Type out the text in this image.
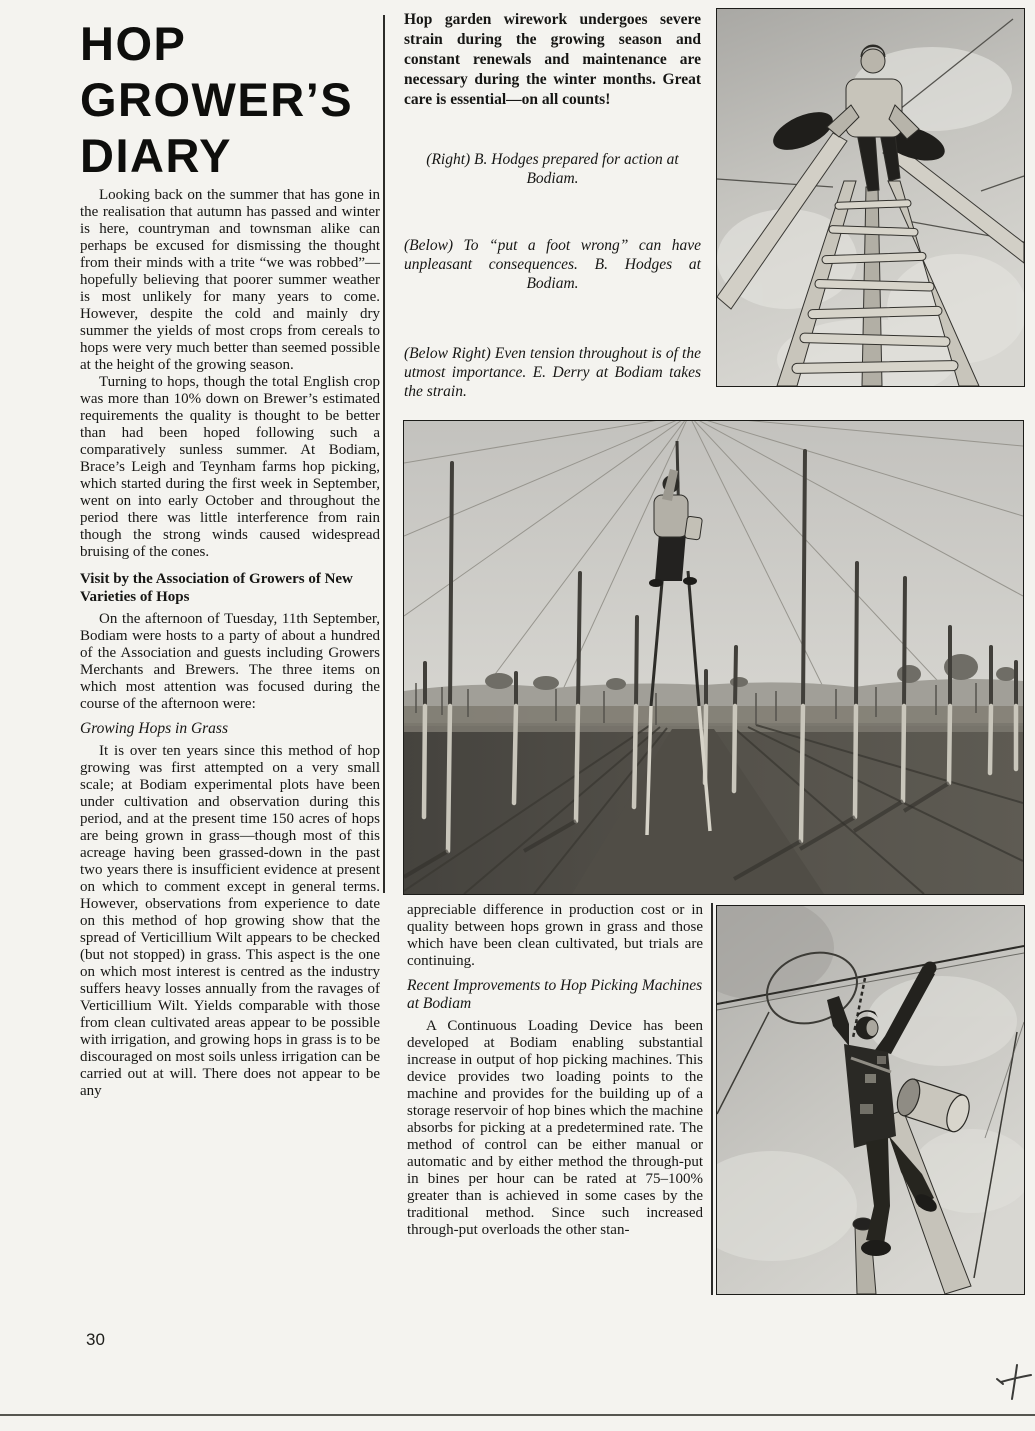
HOP
GROWER’S
DIARY

Looking back on the summer that has gone in the realisation that autumn has passed and winter is here, countryman and townsman alike can perhaps be excused for dismissing the thought from their minds with a trite “we was robbed”— hopefully believing that poorer summer weather is most unlikely for many years to come. However, despite the cold and mainly dry summer the yields of most crops from cereals to hops were very much better than seemed possible at the height of the growing season.

Turning to hops, though the total English crop was more than 10% down on Brewer’s estimated requirements the quality is thought to be better than had been hoped following such a comparatively sunless summer. At Bodiam, Brace’s Leigh and Teynham farms hop picking, which started during the first week in September, went on into early October and throughout the period there was little interference from rain though the strong winds caused widespread bruising of the cones.

Visit by the Association of Growers of New Varieties of Hops

On the afternoon of Tuesday, 11th September, Bodiam were hosts to a party of about a hundred of the Association and guests including Growers Merchants and Brewers. The three items on which most attention was focused during the course of the afternoon were:

Growing Hops in Grass

It is over ten years since this method of hop growing was first attempted on a very small scale; at Bodiam experimental plots have been under cultivation and observation during this period, and at the present time 150 acres of hops are being grown in grass—though most of this acreage having been grassed-down in the past two years there is insufficient evidence at present on which to comment except in general terms. However, observations from experience to date on this method of hop growing show that the spread of Verticillium Wilt appears to be checked (but not stopped) in grass. This aspect is the one on which most interest is centred as the industry suffers heavy losses annually from the ravages of Verticillium Wilt. Yields comparable with those from clean cultivated areas appear to be possible with irrigation, and growing hops in grass is to be discouraged on most soils unless irrigation can be carried out at will. There does not appear to be any

Hop garden wirework undergoes severe strain during the growing season and constant renewals and maintenance are necessary during the winter months. Great care is essential—on all counts!
(Right) B. Hodges prepared for action at Bodiam.
(Below) To “put a foot wrong” can have unpleasant consequences. B. Hodges at Bodiam.
(Below Right) Even tension throughout is of the utmost importance. E. Derry at Bodiam takes the strain.

appreciable difference in production cost or in quality between hops grown in grass and those which have been clean cultivated, but trials are continuing.

Recent Improvements to Hop Picking Machines at Bodiam

A Continuous Loading Device has been developed at Bodiam enabling substantial increase in output of hop picking machines. This device provides two loading points to the machine and provides for the building up of a storage reservoir of hop bines which the machine absorbs for picking at a predetermined rate. The method of control can be either manual or automatic and by either method the through-put in bines per hour can be rated at 75–100% greater than is achieved in some cases by the traditional method. Since such increased through-put overloads the other stan-

30
